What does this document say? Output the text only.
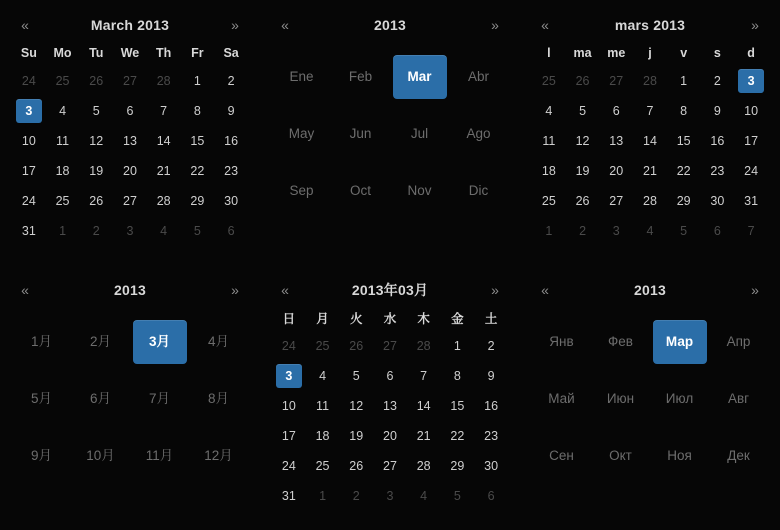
«	March 2013	»
Su	Mo	Tu	We	Th	Fr	Sa

24	25	26	27	28	1	2

3	4	5	6	7	8	9

10	11	12	13	14	15	16

17	18	19	20	21	22	23

24	25	26	27	28	29	30

31	1	2	3	4	5	6
«	2013	»
Ene	Feb	Mar	Abr
May	Jun	Jul	Ago
Sep	Oct	Nov	Dic
«	mars 2013	»
l	ma	me	j	v	s	d

25	26	27	28	1	2	3

4	5	6	7	8	9	10

11	12	13	14	15	16	17

18	19	20	21	22	23	24

25	26	27	28	29	30	31

1	2	3	4	5	6	7
«	2013	»
1月	2月	3月	4月
5月	6月	7月	8月
9月	10月	11月	12月
«	2013年03月	»
日	月	火	水	木	金	土

24	25	26	27	28	1	2

3	4	5	6	7	8	9

10	11	12	13	14	15	16

17	18	19	20	21	22	23

24	25	26	27	28	29	30

31	1	2	3	4	5	6
«	2013	»
Янв	Фев	Мар	Апр
Май	Июн	Июл	Авг
Сен	Окт	Ноя	Дек
